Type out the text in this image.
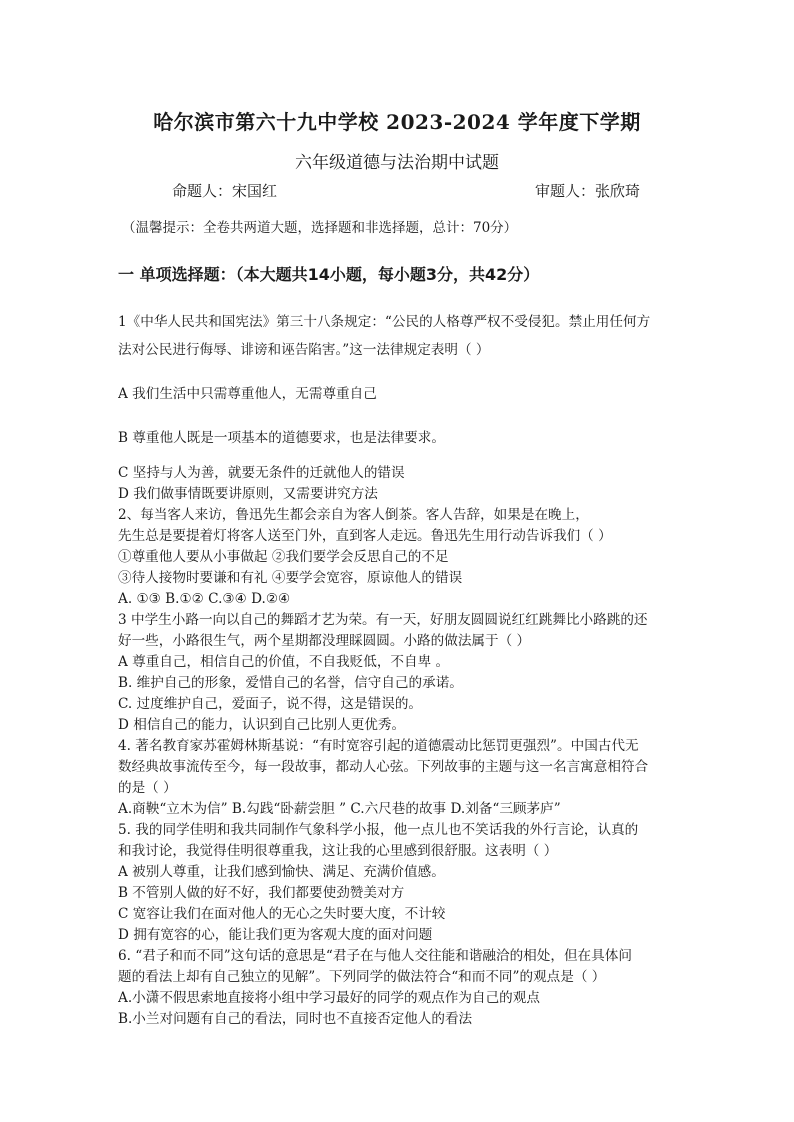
哈尔滨市第六十九中学校 2023-2024 学年度下学期
六年级道德与法治期中试题
命题人：宋国红	审题人：张欣琦
（温馨提示：全卷共两道大题，选择题和非选择题，总计：70分）
一 单项选择题：（本大题共14小题，每小题3分，共42分）
1《中华人民共和国宪法》第三十八条规定：“公民的人格尊严权不受侵犯。禁止用任何方
法对公民进行侮辱、诽谤和诬告陷害。”这一法律规定表明（ ）
A 我们生活中只需尊重他人，无需尊重自己
B 尊重他人既是一项基本的道德要求，也是法律要求。
C 坚持与人为善，就要无条件的迁就他人的错误
D 我们做事情既要讲原则，又需要讲究方法
2、每当客人来访，鲁迅先生都会亲自为客人倒茶。客人告辞，如果是在晚上，
先生总是要提着灯将客人送至门外，直到客人走远。鲁迅先生用行动告诉我们（ ）
①尊重他人要从小事做起 ②我们要学会反思自己的不足
③待人接物时要谦和有礼 ④要学会宽容，原谅他人的错误
A. ①③ B.①② C.③④ D.②④
3 中学生小路一向以自己的舞蹈才艺为荣。有一天，好朋友圆圆说红红跳舞比小路跳的还
好一些，小路很生气，两个星期都没理睬圆圆。小路的做法属于（ ）
A 尊重自己，相信自己的价值，不自我贬低，不自卑 。
B. 维护自己的形象，爱惜自己的名誉，信守自己的承诺。
C. 过度维护自己，爱面子，说不得，这是错误的。
D 相信自己的能力，认识到自己比别人更优秀。
4. 著名教育家苏霍姆林斯基说：“有时宽容引起的道德震动比惩罚更强烈”。中国古代无
数经典故事流传至今，每一段故事，都动人心弦。下列故事的主题与这一名言寓意相符合
的是（ ）
A.商鞅“立木为信” B.勾践“卧薪尝胆 ” C.六尺巷的故事 D.刘备“三顾茅庐”
5. 我的同学佳明和我共同制作气象科学小报，他一点儿也不笑话我的外行言论，认真的
和我讨论，我觉得佳明很尊重我，这让我的心里感到很舒服。这表明（ ）
A 被别人尊重，让我们感到愉快、满足、充满价值感。
B 不管别人做的好不好，我们都要使劲赞美对方
C 宽容让我们在面对他人的无心之失时要大度，不计较
D 拥有宽容的心，能让我们更为客观大度的面对问题
6. “君子和而不同”这句话的意思是“君子在与他人交往能和谐融洽的相处，但在具体问
题的看法上却有自己独立的见解”。下列同学的做法符合“和而不同”的观点是（ ）
A.小潇不假思索地直接将小组中学习最好的同学的观点作为自己的观点
B.小兰对问题有自己的看法，同时也不直接否定他人的看法
